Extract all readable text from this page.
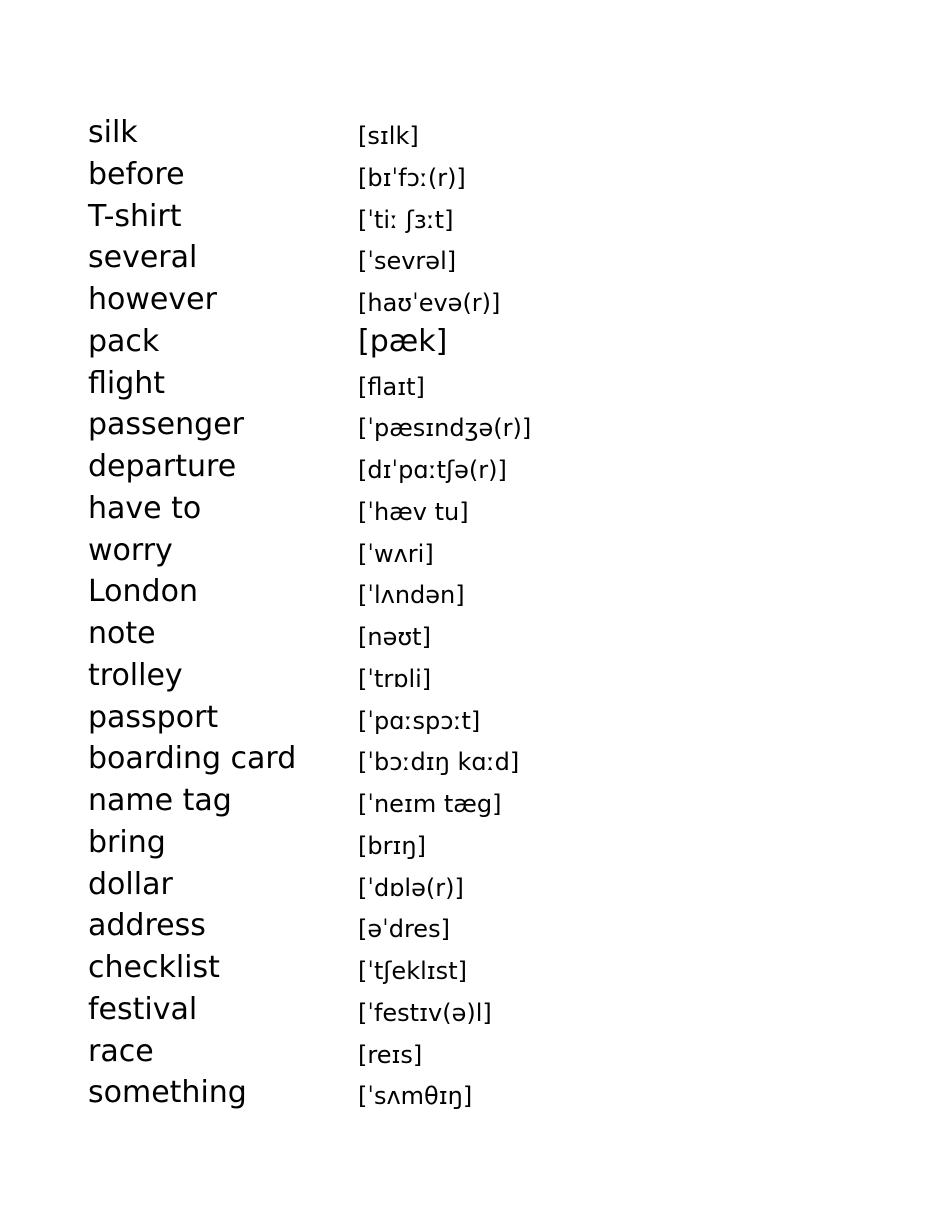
silk	[sɪlk]
before	[bɪˈfɔː(r)]
T-shirt	[ˈtiː ʃɜːt]
several	[ˈsevrəl]
however	[haʊˈevə(r)]
pack	[pæk]
flight	[flaɪt]
passenger	[ˈpæsɪndʒə(r)]
departure	[dɪˈpɑːtʃə(r)]
have to	[ˈhæv tu]
worry	[ˈwʌri]
London	[ˈlʌndən]
note	[nəʊt]
trolley	[ˈtrɒli]
passport	[ˈpɑːspɔːt]
boarding card	[ˈbɔːdɪŋ kɑːd]
name tag	[ˈneɪm tæg]
bring	[brɪŋ]
dollar	[ˈdɒlə(r)]
address	[əˈdres]
checklist	[ˈtʃeklɪst]
festival	[ˈfestɪv(ə)l]
race	[reɪs]
something	[ˈsʌmθɪŋ]
